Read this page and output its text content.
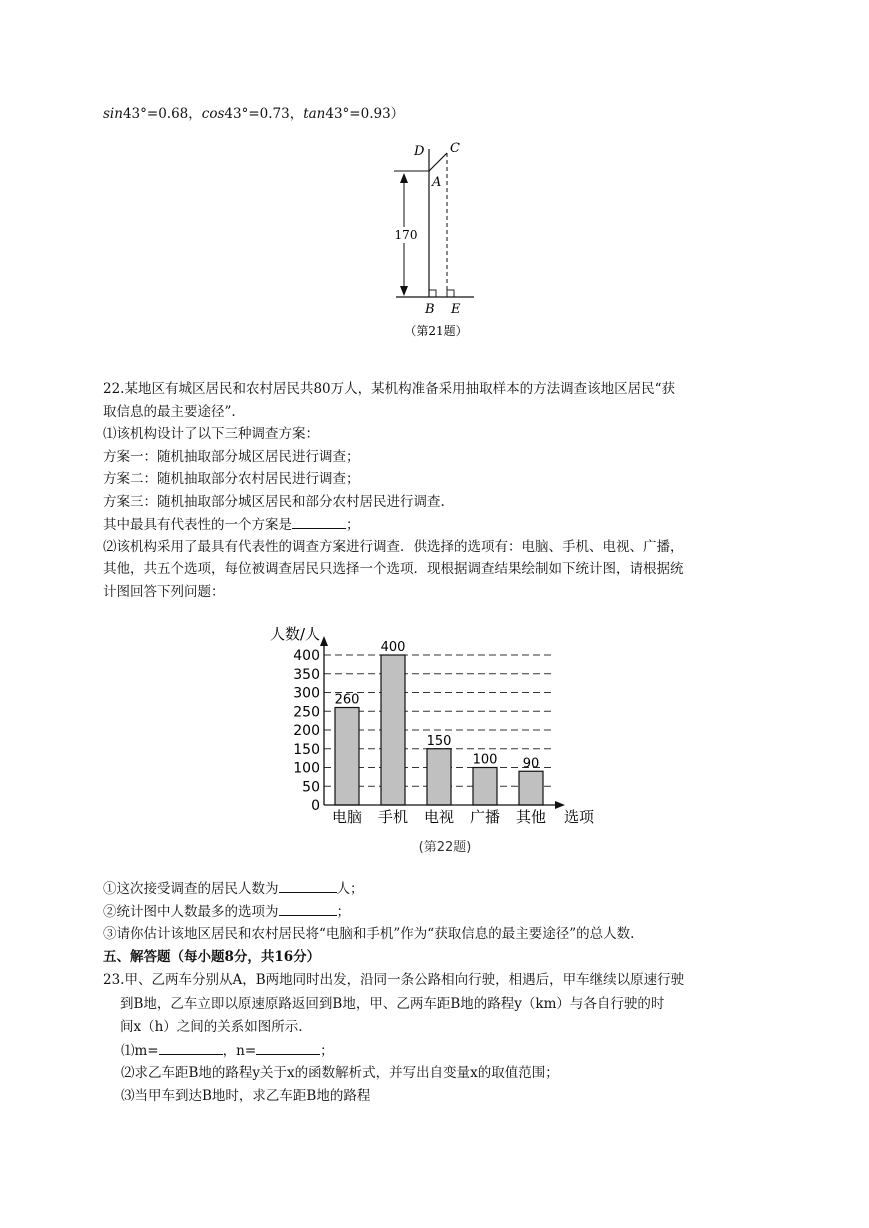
sin43°=0.68，cos43°=0.73，tan43°=0.93）
170
D C
A
B E
（第21题）
22.某地区有城区居民和农村居民共80万人，某机构准备采用抽取样本的方法调查该地区居民“获
取信息的最主要途径”.
⑴该机构设计了以下三种调查方案：
方案一：随机抽取部分城区居民进行调查；
方案二：随机抽取部分农村居民进行调查；
方案三：随机抽取部分城区居民和部分农村居民进行调查.
其中最具有代表性的一个方案是	；
⑵该机构采用了最具有代表性的调查方案进行调查．供选择的选项有：电脑、手机、电视、广播，
其他，共五个选项，每位被调查居民只选择一个选项．现根据调查结果绘制如下统计图，请根据统
计图回答下列问题：
260
400
150
100 90
0
50
100
150
200
250
300
350
400
电脑 手机 电视 广播 其他
人数/人
选项
(第22题)
①这次接受调查的居民人数为	人；
②统计图中人数最多的选项为	；
③请你估计该地区居民和农村居民将“电脑和手机”作为“获取信息的最主要途径”的总人数.
五、解答题（每小题8分，共16分）
23.甲、乙两车分别从A，B两地同时出发，沿同一条公路相向行驶，相遇后，甲车继续以原速行驶
到B地，乙车立即以原速原路返回到B地，甲、乙两车距B地的路程y（km）与各自行驶的时
间x（h）之间的关系如图所示.
⑴m=	，n=	；
⑵求乙车距B地的路程y关于x的函数解析式，并写出自变量x的取值范围；
⑶当甲车到达B地时，求乙车距B地的路程
